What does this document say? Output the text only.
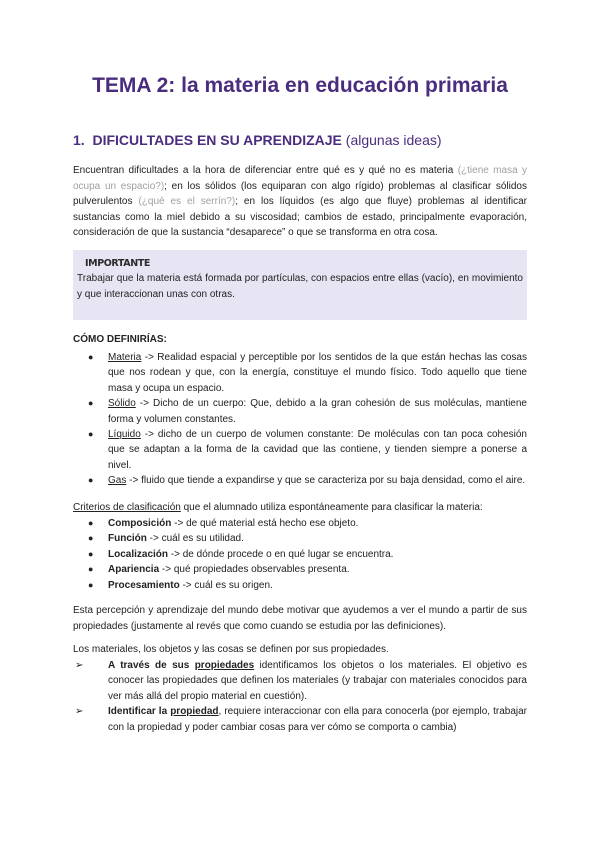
TEMA 2: la materia en educación primaria
1. DIFICULTADES EN SU APRENDIZAJE (algunas ideas)

Encuentran dificultades a la hora de diferenciar entre qué es y qué no es materia (¿tiene masa y ocupa un espacio?); en los sólidos (los equiparan con algo rígido) problemas al clasificar sólidos pulverulentos (¿qué es el serrín?); en los líquidos (es algo que fluye) problemas al identificar sustancias como la miel debido a su viscosidad; cambios de estado, principalmente evaporación, consideración de que la sustancia “desaparece” o que se transforma en otra cosa.

IMPORTANTE

Trabajar que la materia está formada por partículas, con espacios entre ellas (vacío), en movimiento y que interaccionan unas con otras.

CÓMO DEFINIRÍAS:

● Materia -> Realidad espacial y perceptible por los sentidos de la que están hechas las cosas que nos rodean y que, con la energía, constituye el mundo físico. Todo aquello que tiene masa y ocupa un espacio.
● Sólido -> Dicho de un cuerpo: Que, debido a la gran cohesión de sus moléculas, mantiene forma y volumen constantes.
● Líquido -> dicho de un cuerpo de volumen constante: De moléculas con tan poca cohesión que se adaptan a la forma de la cavidad que las contiene, y tienden siempre a ponerse a nivel.
● Gas -> fluido que tiende a expandirse y que se caracteriza por su baja densidad, como el aire.

Criterios de clasificación que el alumnado utiliza espontáneamente para clasificar la materia:

● Composición -> de qué material está hecho ese objeto.
● Función -> cuál es su utilidad.
● Localización -> de dónde procede o en qué lugar se encuentra.
● Apariencia -> qué propiedades observables presenta.
● Procesamiento -> cuál es su origen.

Esta percepción y aprendizaje del mundo debe motivar que ayudemos a ver el mundo a partir de sus propiedades (justamente al revés que como cuando se estudia por las definiciones).

Los materiales, los objetos y las cosas se definen por sus propiedades.

➢ A través de sus propiedades identificamos los objetos o los materiales. El objetivo es conocer las propiedades que definen los materiales (y trabajar con materiales conocidos para ver más allá del propio material en cuestión).
➢ Identificar la propiedad, requiere interaccionar con ella para conocerla (por ejemplo, trabajar con la propiedad y poder cambiar cosas para ver cómo se comporta o cambia)
